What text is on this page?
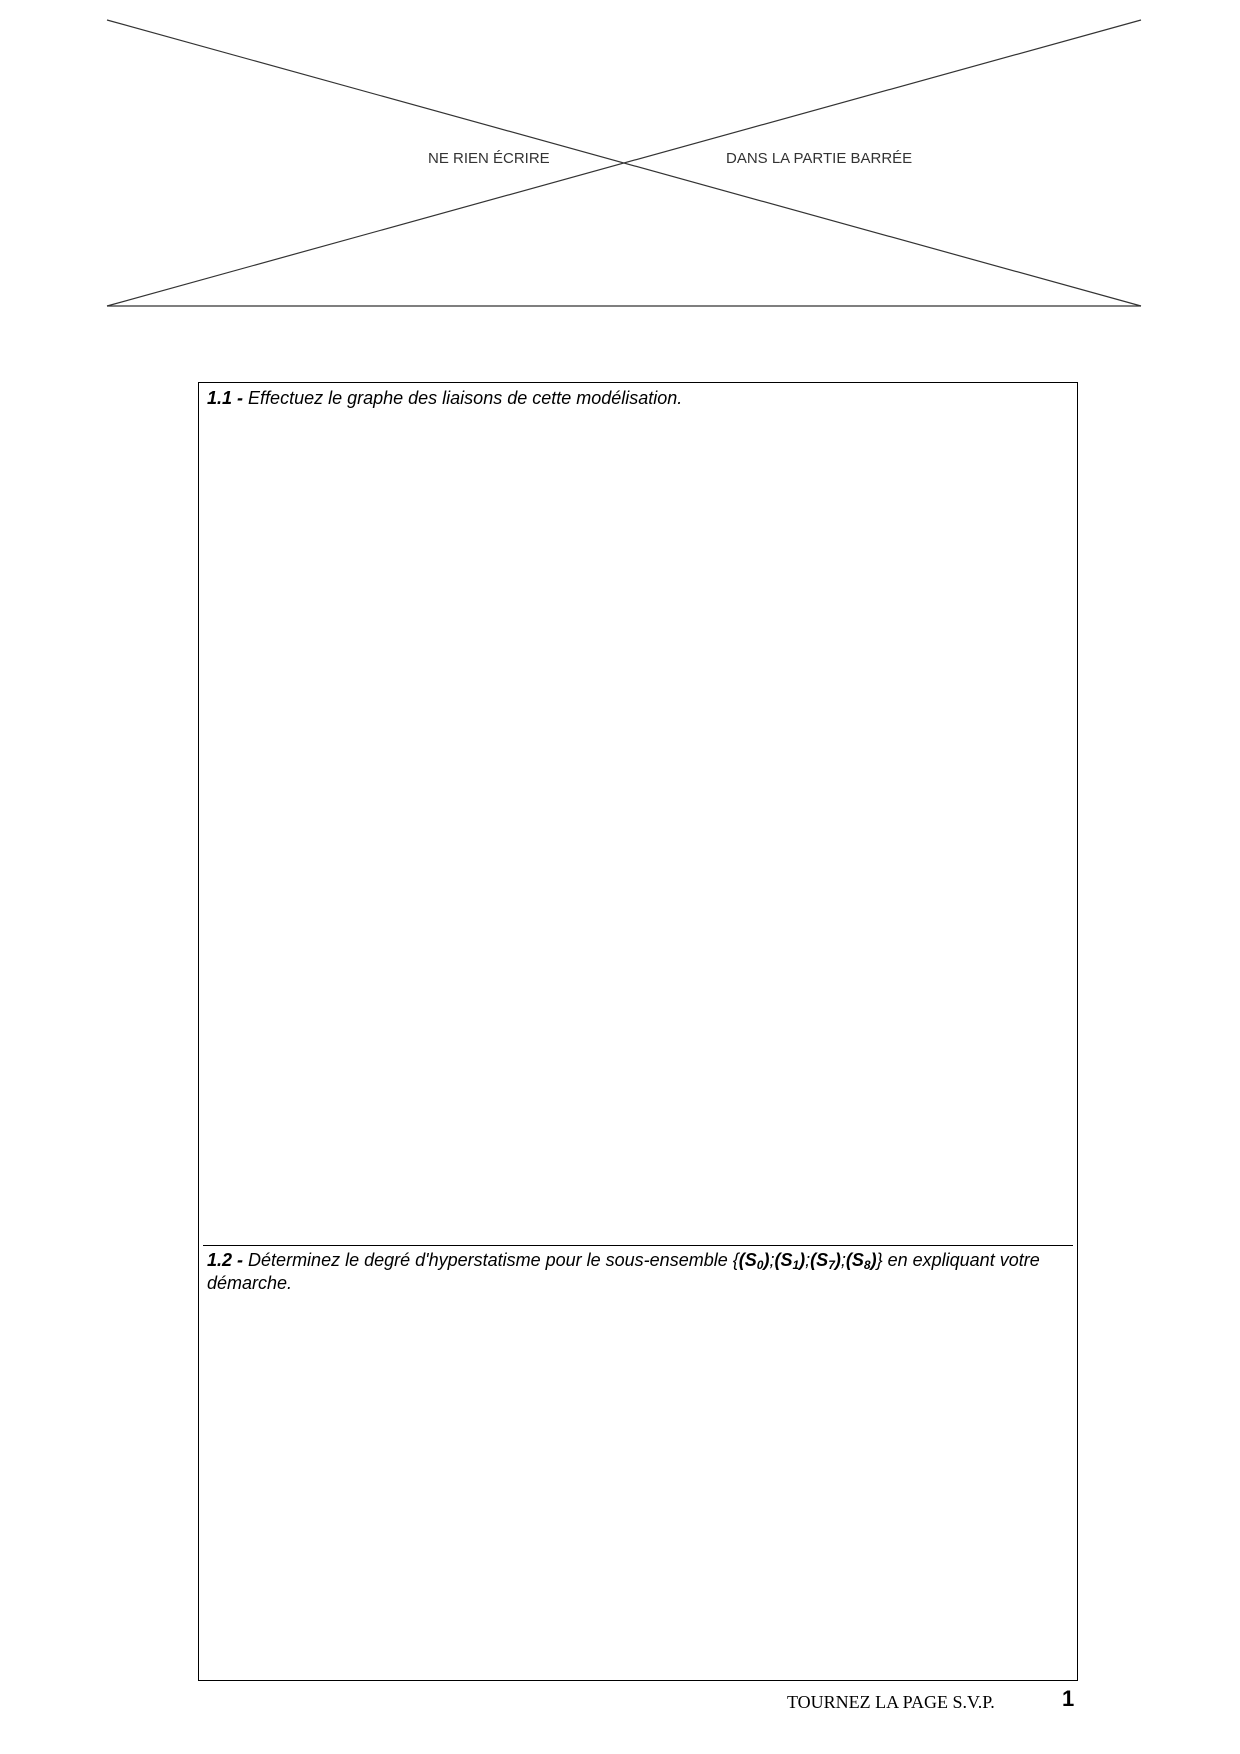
NE RIEN ÉCRIRE	DANS LA PARTIE BARRÉE
1.1 - Effectuez le graphe des liaisons de cette modélisation.
1.2 - Déterminez le degré d'hyperstatisme pour le sous-ensemble $\{(S_0);(S_1);(S_7);(S_8)\}$ en expliquant votre démarche.
TOURNEZ LA PAGE S.V.P.	1
